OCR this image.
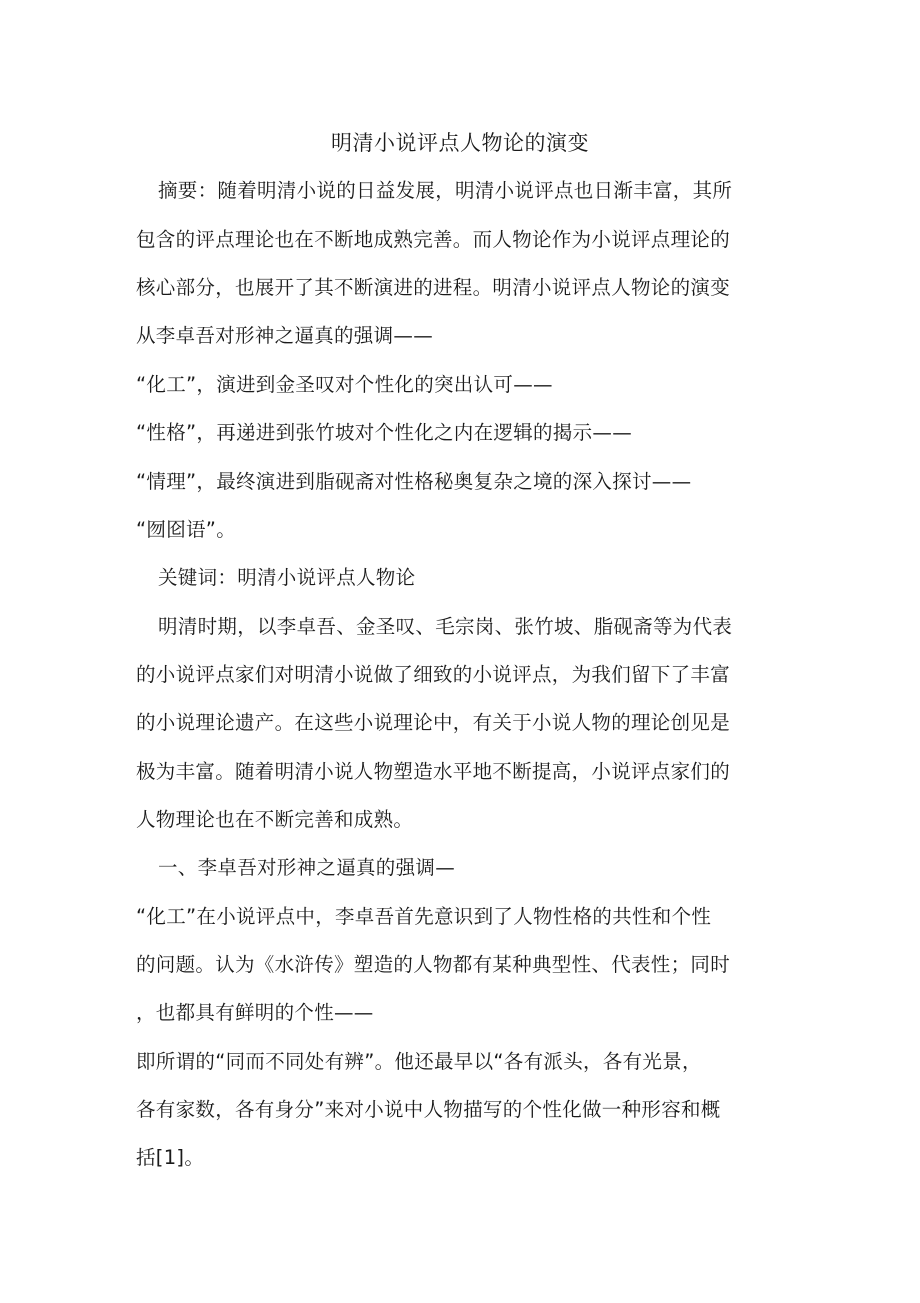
明清小说评点人物论的演变
摘要：随着明清小说的日益发展，明清小说评点也日渐丰富，其所
包含的评点理论也在不断地成熟完善。而人物论作为小说评点理论的
核心部分，也展开了其不断演进的进程。明清小说评点人物论的演变
从李卓吾对形神之逼真的强调——
“化工”，演进到金圣叹对个性化的突出认可——
“性格”，再递进到张竹坡对个性化之内在逻辑的揭示——
“情理”，最终演进到脂砚斋对性格秘奥复杂之境的深入探讨——
“囫囵语”。
关键词：明清小说评点人物论
明清时期，以李卓吾、金圣叹、毛宗岗、张竹坡、脂砚斋等为代表
的小说评点家们对明清小说做了细致的小说评点，为我们留下了丰富
的小说理论遗产。在这些小说理论中，有关于小说人物的理论创见是
极为丰富。随着明清小说人物塑造水平地不断提高，小说评点家们的
人物理论也在不断完善和成熟。
一、李卓吾对形神之逼真的强调—
“化工”在小说评点中，李卓吾首先意识到了人物性格的共性和个性
的问题。认为《水浒传》塑造的人物都有某种典型性、代表性；同时
，也都具有鲜明的个性——
即所谓的“同而不同处有辨”。他还最早以“各有派头，各有光景，
各有家数，各有身分”来对小说中人物描写的个性化做一种形容和概
括[1]。
